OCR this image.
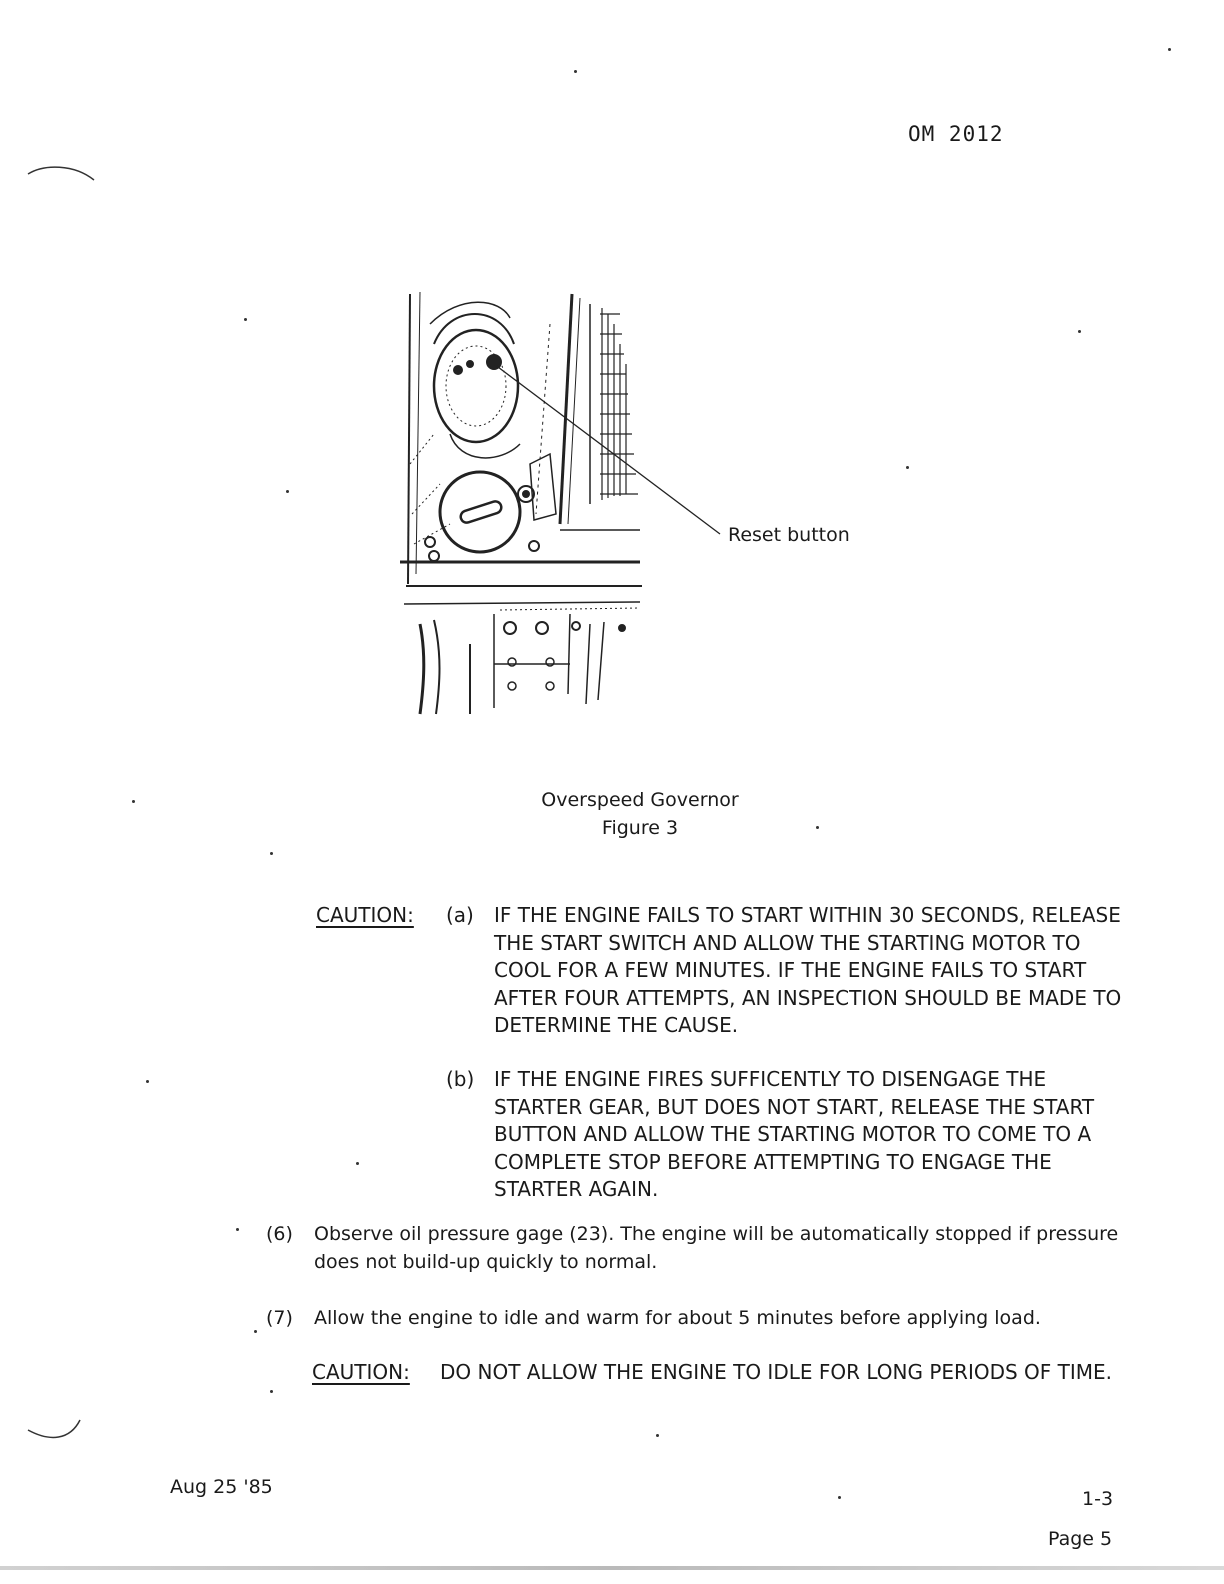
OM 2012
Reset button
Overspeed Governor
Figure 3
CAUTION: (a)	IF THE ENGINE FAILS TO START WITHIN 30 SECONDS, RELEASE THE START SWITCH AND ALLOW THE STARTING MOTOR TO COOL FOR A FEW MINUTES. IF THE ENGINE FAILS TO START AFTER FOUR ATTEMPTS, AN INSPECTION SHOULD BE MADE TO DETERMINE THE CAUSE.
(b) IF THE ENGINE FIRES SUFFICENTLY TO DISENGAGE THE STARTER GEAR, BUT DOES NOT START, RELEASE THE START BUTTON AND ALLOW THE STARTING MOTOR TO COME TO A COMPLETE STOP BEFORE ATTEMPTING TO ENGAGE THE STARTER AGAIN.
(6) Observe oil pressure gage (23). The engine will be automatically stopped if pressure does not build-up quickly to normal.
(7) Allow the engine to idle and warm for about 5 minutes before applying load.
CAUTION: DO NOT ALLOW THE ENGINE TO IDLE FOR LONG PERIODS OF TIME.
Aug 25 '85
1-3
Page 5
